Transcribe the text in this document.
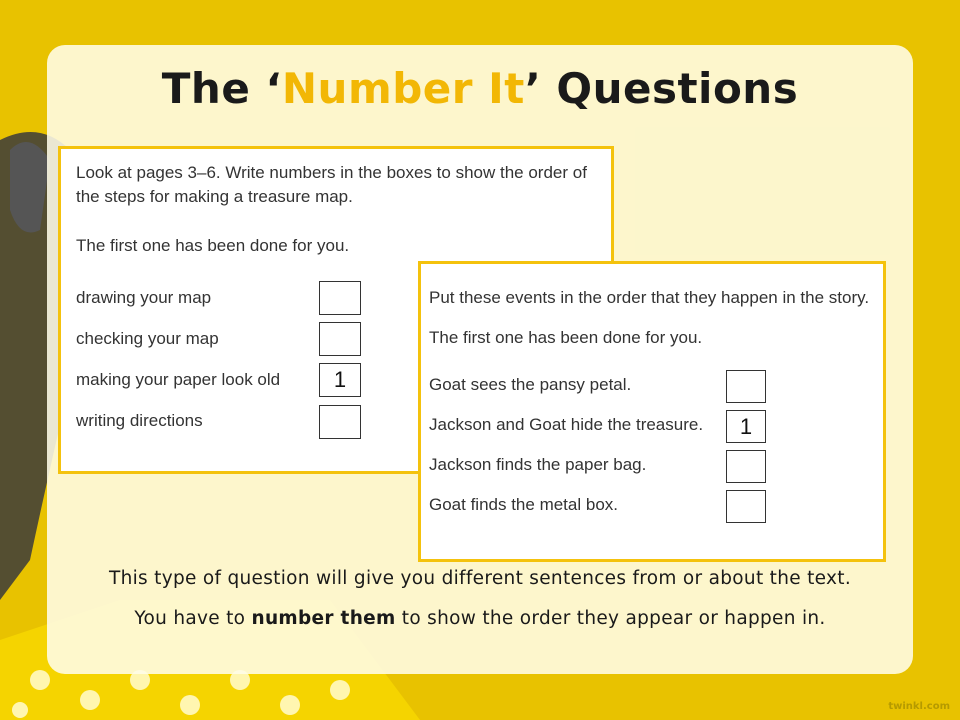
The ‘Number It’ Questions

Look at pages 3–6. Write numbers in the boxes to show the order of

the steps for making a treasure map.

The first one has been done for you.

drawing your map

checking your map

making your paper look old	1

writing directions

Put these events in the order that they happen in the story.

The first one has been done for you.

Goat sees the pansy petal.

Jackson and Goat hide the treasure.	1

Jackson finds the paper bag.

Goat finds the metal box.

This type of question will give you different sentences from or about the text.

You have to number them to show the order they appear or happen in.

twinkl.com
